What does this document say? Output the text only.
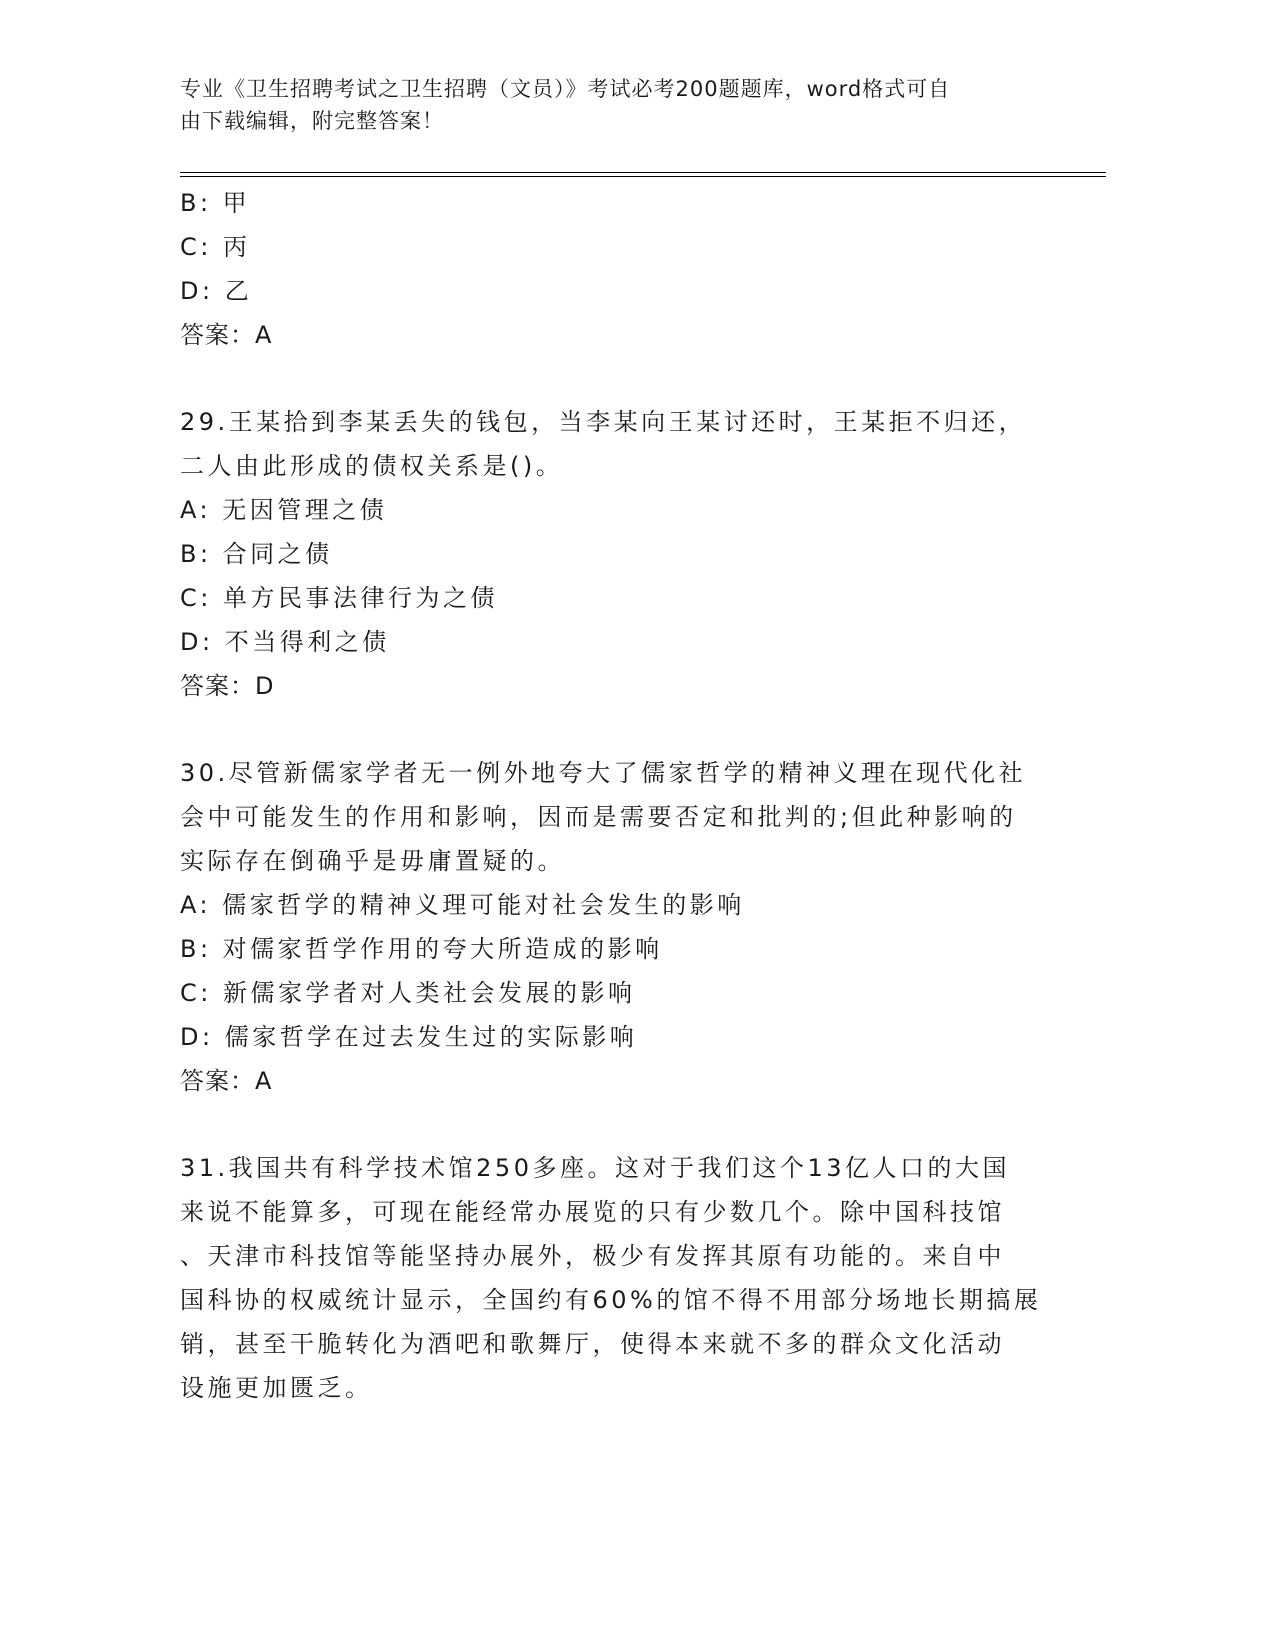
专业《卫生招聘考试之卫生招聘（文员）》考试必考200题题库，word格式可自
由下载编辑，附完整答案！
B: 甲
C: 丙
D: 乙
答案：A
29.王某拾到李某丢失的钱包，当李某向王某讨还时，王某拒不归还，
二人由此形成的债权关系是()。
A: 无因管理之债
B: 合同之债
C: 单方民事法律行为之债
D: 不当得利之债
答案：D
30.尽管新儒家学者无一例外地夸大了儒家哲学的精神义理在现代化社
会中可能发生的作用和影响，因而是需要否定和批判的;但此种影响的
实际存在倒确乎是毋庸置疑的。
A: 儒家哲学的精神义理可能对社会发生的影响
B: 对儒家哲学作用的夸大所造成的影响
C: 新儒家学者对人类社会发展的影响
D: 儒家哲学在过去发生过的实际影响
答案：A
31.我国共有科学技术馆250多座。这对于我们这个13亿人口的大国
来说不能算多，可现在能经常办展览的只有少数几个。除中国科技馆
、天津市科技馆等能坚持办展外，极少有发挥其原有功能的。来自中
国科协的权威统计显示，全国约有60%的馆不得不用部分场地长期搞展
销，甚至干脆转化为酒吧和歌舞厅，使得本来就不多的群众文化活动
设施更加匮乏。
